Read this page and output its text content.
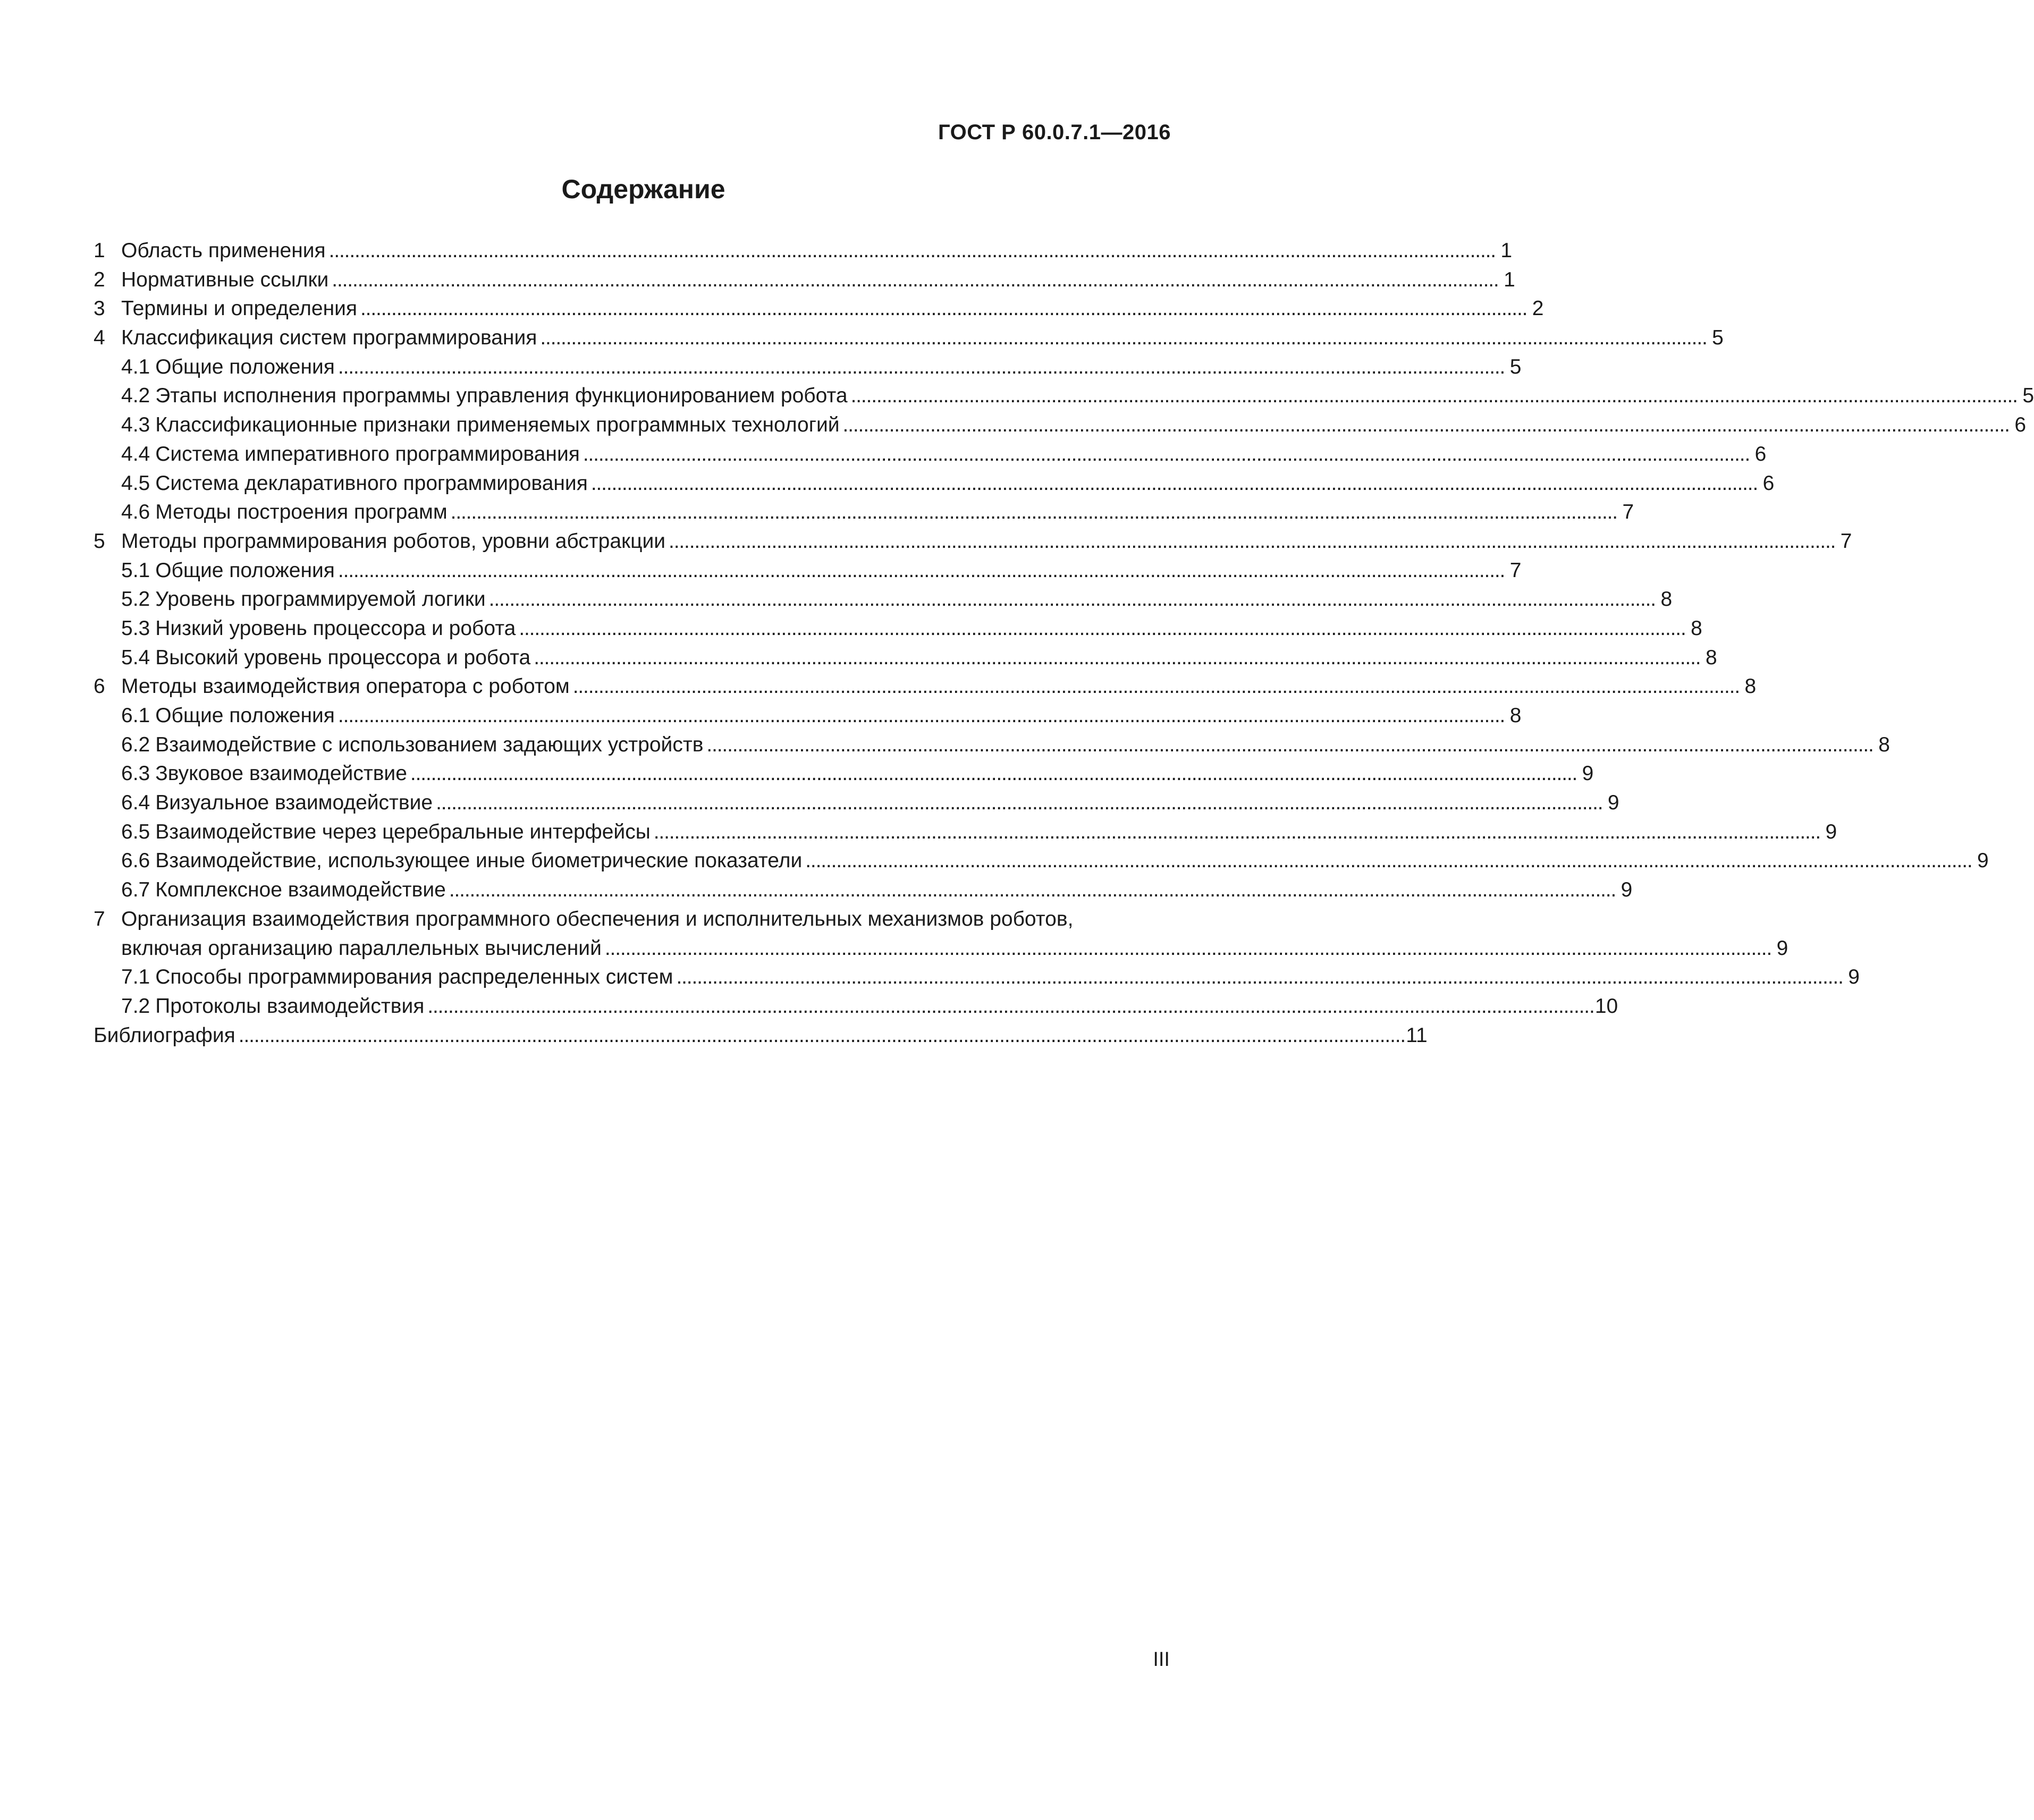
ГОСТ Р 60.0.7.1—2016
Содержание
1 Область применения . . .	1
2 Нормативные ссылки . . .	1
3 Термины и определения . . .	2
4 Классификация систем программирования . . .	5
4.1 Общие положения . . .	5
4.2 Этапы исполнения программы управления функционированием робота . . .	5
4.3 Классификационные признаки применяемых программных технологий . . .	6
4.4 Система императивного программирования . . .	6
4.5 Система декларативного программирования . . .	6
4.6 Методы построения программ . . .	7
5 Методы программирования роботов, уровни абстракции . . .	7
5.1 Общие положения . . .	7
5.2 Уровень программируемой логики . . .	8
5.3 Низкий уровень процессора и робота . . .	8
5.4 Высокий уровень процессора и робота . . .	8
6 Методы взаимодействия оператора с роботом . . .	8
6.1 Общие положения . . .	8
6.2 Взаимодействие с использованием задающих устройств . . .	8
6.3 Звуковое взаимодействие . . .	9
6.4 Визуальное взаимодействие . . .	9
6.5 Взаимодействие через церебральные интерфейсы . . .	9
6.6 Взаимодействие, использующее иные биометрические показатели . . .	9
6.7 Комплексное взаимодействие . . .	9
7 Организация взаимодействия программного обеспечения и исполнительных механизмов роботов,
включая организацию параллельных вычислений . . .	9
7.1 Способы программирования распределенных систем . . .	9
7.2 Протоколы взаимодействия . . .	10
Библиография . . .	11
III
